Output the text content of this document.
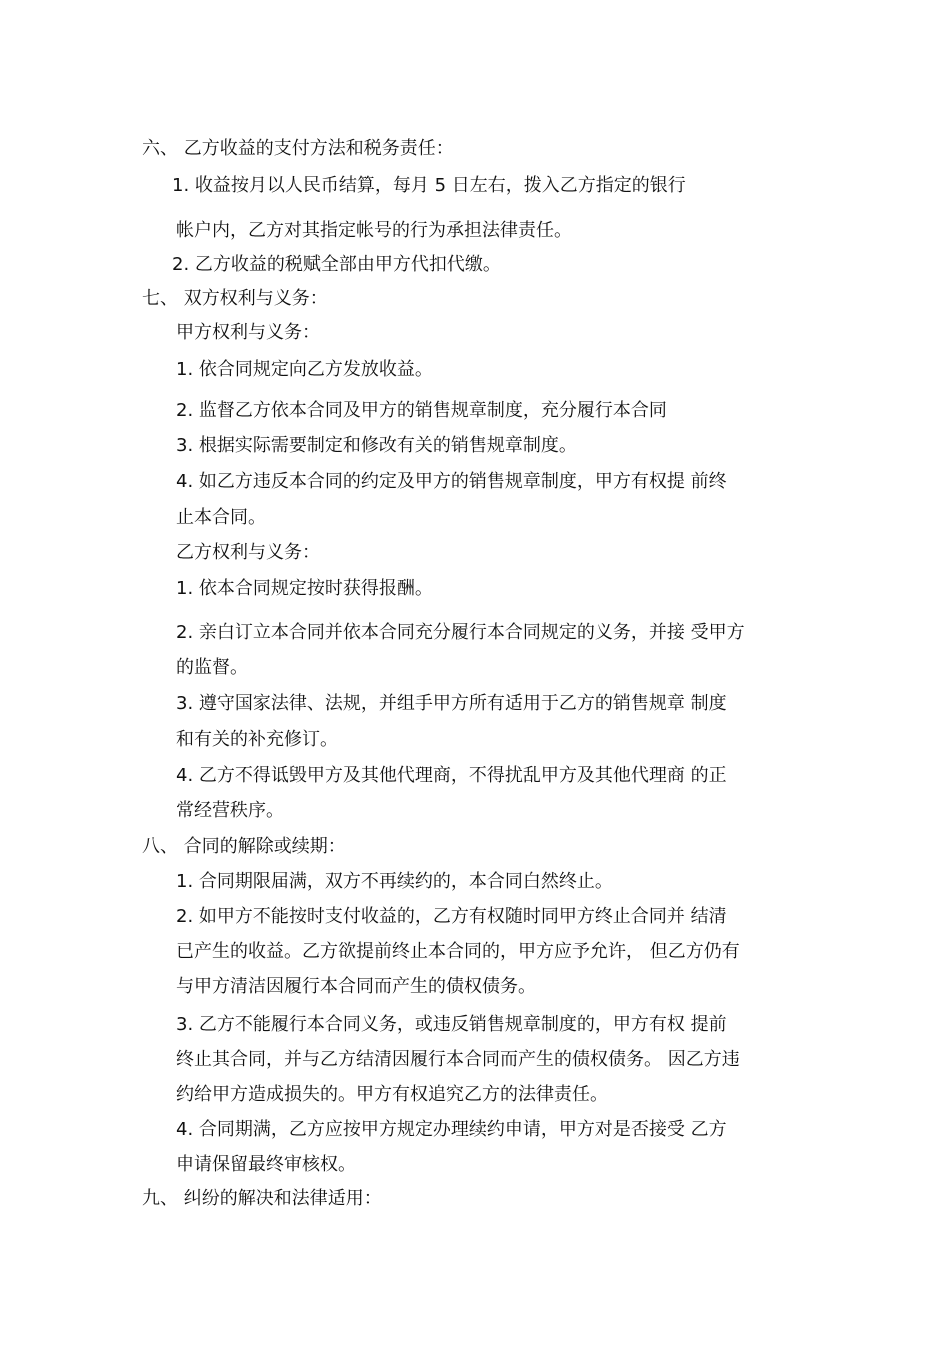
六、 乙方收益的支付方法和税务责任：
1. 收益按月以人民币结算，每月 5 日左右，拨入乙方指定的银行
帐户内，乙方对其指定帐号的行为承担法律责任。
2. 乙方收益的税赋全部由甲方代扣代缴。
七、 双方权利与义务：
甲方权利与义务：
1. 依合同规定向乙方发放收益。
2. 监督乙方依本合同及甲方的销售规章制度，充分履行本合同
3. 根据实际需要制定和修改有关的销售规章制度。
4. 如乙方违反本合同的约定及甲方的销售规章制度，甲方有权提 前终
止本合同。
乙方权利与义务：
1. 依本合同规定按时获得报酬。
2. 亲白订立本合同并依本合同充分履行本合同规定的义务，并接 受甲方
的监督。
3. 遵守国家法律、法规，并组手甲方所有适用于乙方的销售规章 制度
和有关的补充修订。
4. 乙方不得诋毁甲方及其他代理商，不得扰乱甲方及其他代理商 的正
常经营秩序。
八、 合同的解除或续期：
1. 合同期限届满，双方不再续约的，本合同白然终止。
2. 如甲方不能按时支付收益的，乙方有权随时同甲方终止合同并 结清
已产生的收益。乙方欲提前终止本合同的，甲方应予允许， 但乙方仍有
与甲方清洁因履行本合同而产生的债权债务。
3. 乙方不能履行本合同义务，或违反销售规章制度的，甲方有权 提前
终止其合同，并与乙方结清因履行本合同而产生的债权债务。 因乙方违
约给甲方造成损失的。甲方有权追究乙方的法律责任。
4. 合同期满，乙方应按甲方规定办理续约申请，甲方对是否接受 乙方
申请保留最终审核权。
九、 纠纷的解决和法律适用：
